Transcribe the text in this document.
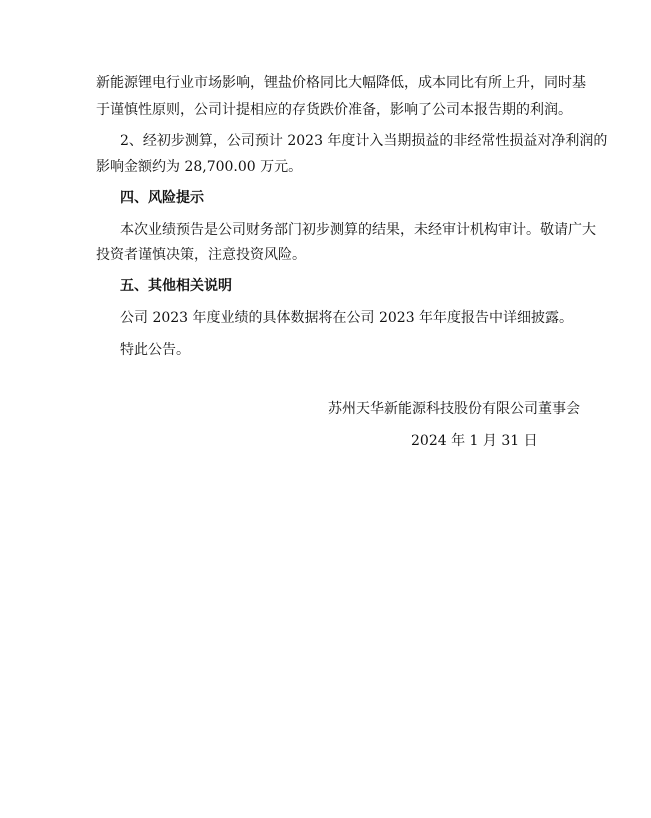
新能源锂电行业市场影响，锂盐价格同比大幅降低，成本同比有所上升，同时基
于谨慎性原则，公司计提相应的存货跌价准备，影响了公司本报告期的利润。
2、经初步测算，公司预计 2023 年度计入当期损益的非经常性损益对净利润的
影响金额约为 28,700.00 万元。
四、风险提示
本次业绩预告是公司财务部门初步测算的结果，未经审计机构审计。敬请广大
投资者谨慎决策，注意投资风险。
五、其他相关说明
公司 2023 年度业绩的具体数据将在公司 2023 年年度报告中详细披露。
特此公告。
苏州天华新能源科技股份有限公司董事会
2024 年 1 月 31 日
